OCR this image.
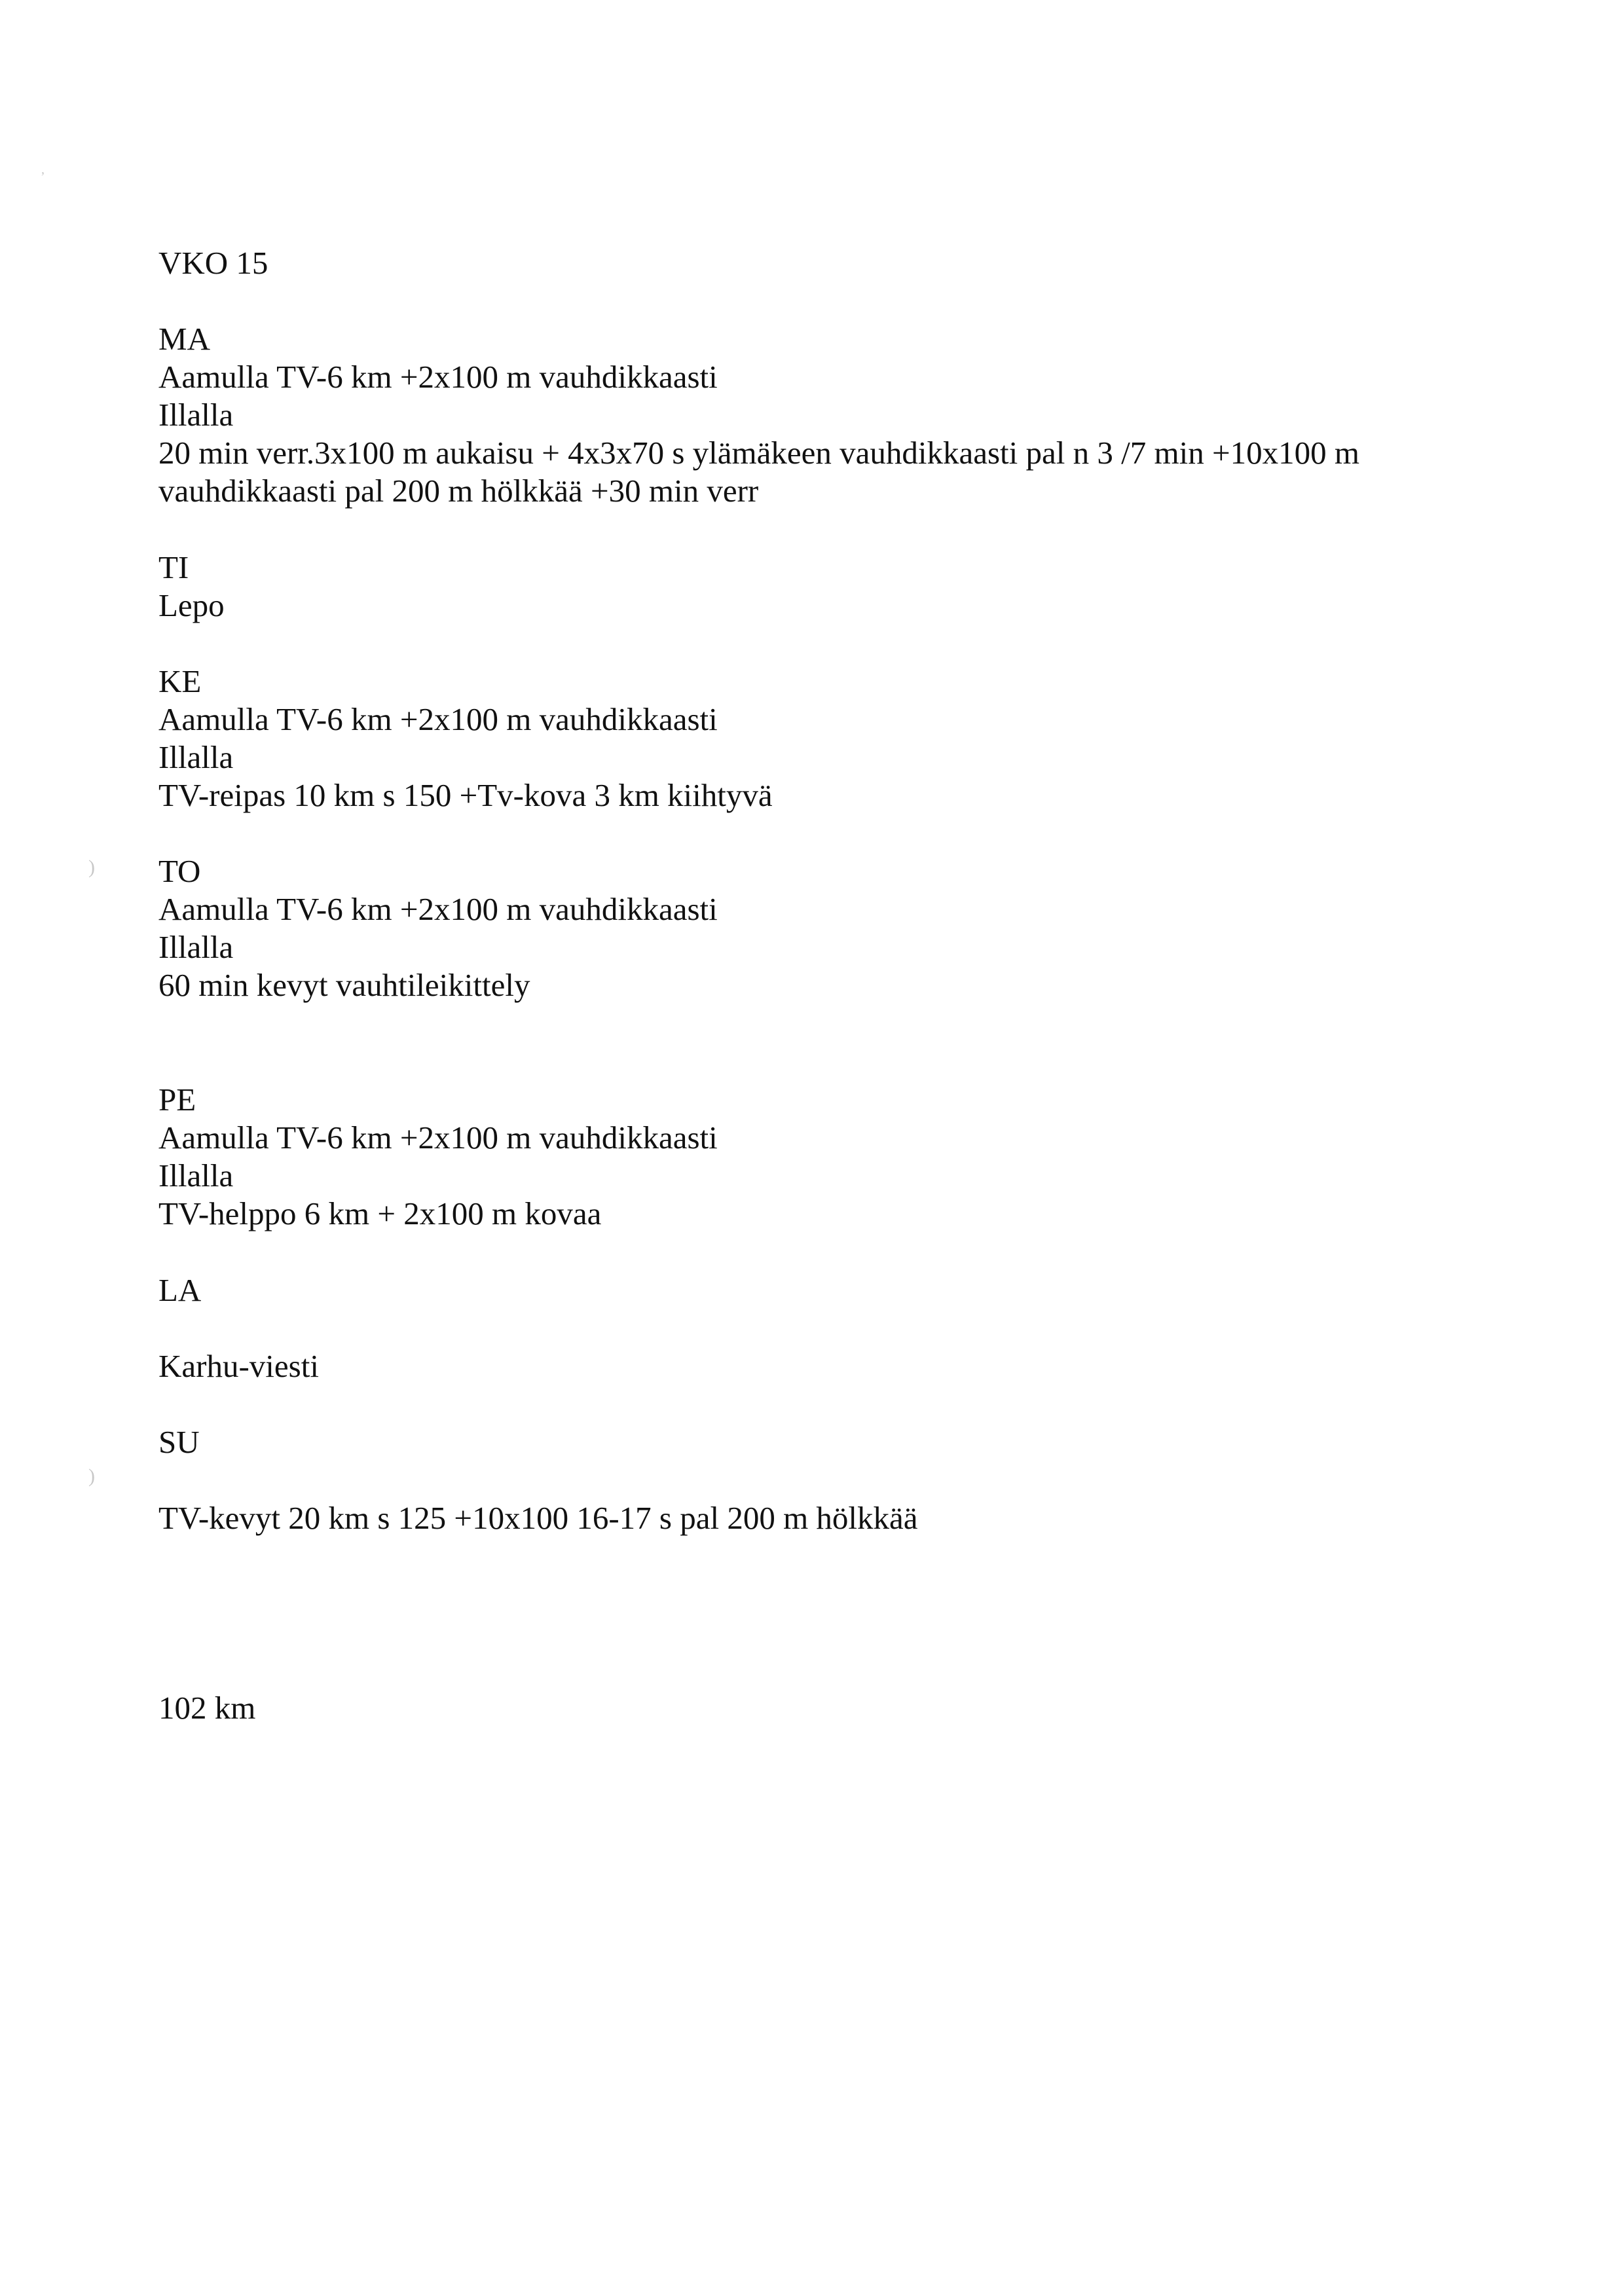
VKO 15
MA
Aamulla TV-6 km +2x100 m vauhdikkaasti
Illalla
20 min verr.3x100 m aukaisu + 4x3x70 s ylämäkeen vauhdikkaasti pal n 3 /7 min +10x100 m
vauhdikkaasti pal 200 m hölkkää +30 min verr
TI
Lepo
KE
Aamulla TV-6 km +2x100 m vauhdikkaasti
Illalla
TV-reipas 10 km s 150 +Tv-kova 3 km kiihtyvä
TO
Aamulla TV-6 km +2x100 m vauhdikkaasti
Illalla
60 min kevyt vauhtileikittely
PE
Aamulla TV-6 km +2x100 m vauhdikkaasti
Illalla
TV-helppo 6 km + 2x100 m kovaa
LA
Karhu-viesti
SU
TV-kevyt 20 km s 125 +10x100 16-17 s pal 200 m hölkkää
102 km
’
)
)
